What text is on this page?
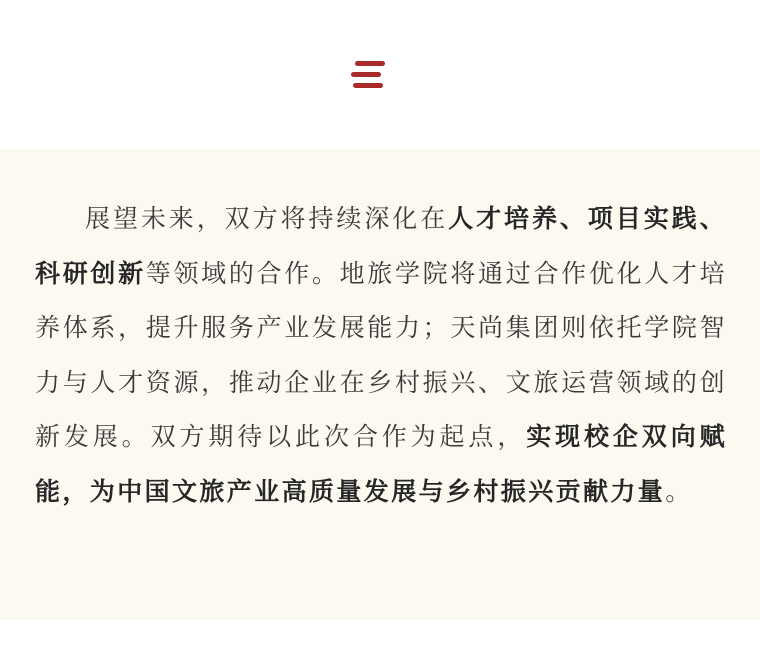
展望未来，双方将持续深化在人才培养、项目实践、科研创新等领域的合作。地旅学院将通过合作优化人才培养体系，提升服务产业发展能力；天尚集团则依托学院智力与人才资源，推动企业在乡村振兴、文旅运营领域的创新发展。双方期待以此次合作为起点，实现校企双向赋能，为中国文旅产业高质量发展与乡村振兴贡献力量。
